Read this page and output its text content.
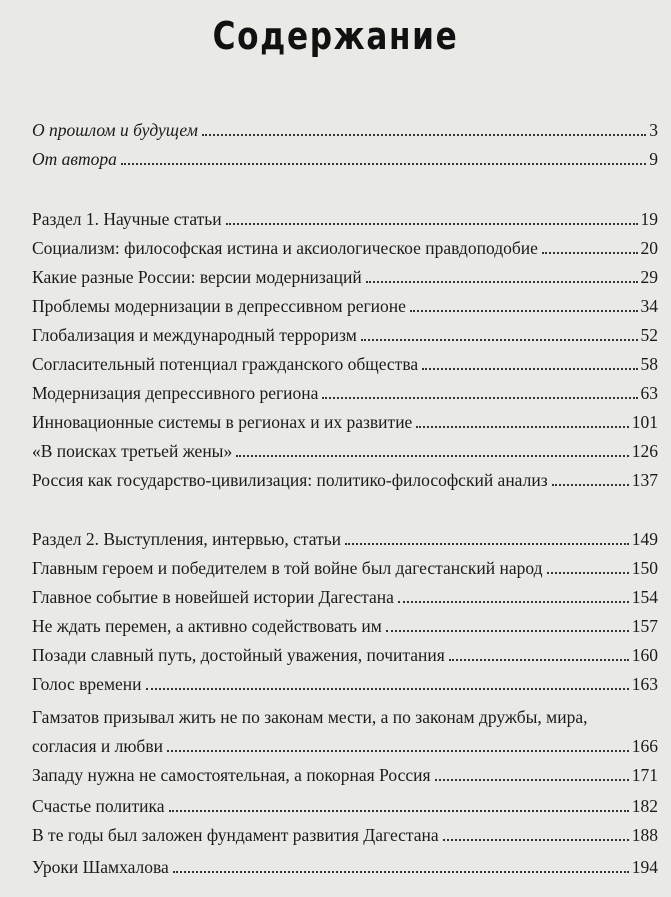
Содержание
О прошлом и будущем	3
От автора	9
Раздел 1. Научные статьи	19
Социализм: философская истина и аксиологическое правдоподобие	20
Какие разные России: версии модернизаций	29
Проблемы модернизации в депрессивном регионе	34
Глобализация и международный терроризм	52
Согласительный потенциал гражданского общества	58
Модернизация депрессивного региона	63
Инновационные системы в регионах и их развитие	101
«В поисках третьей жены»	126
Россия как государство-цивилизация: политико-философский анализ	137
Раздел 2. Выступления, интервью, статьи	149
Главным героем и победителем в той войне был дагестанский народ	150
Главное событие в новейшей истории Дагестана	154
Не ждать перемен, а активно содействовать им	157
Позади славный путь, достойный уважения, почитания	160
Голос времени	163
Гамзатов призывал жить не по законам мести, а по законам дружбы, мира,
согласия и любви	166
Западу нужна не самостоятельная, а покорная Россия	171
Счастье политика	182
В те годы был заложен фундамент развития Дагестана	188
Уроки Шамхалова	194
